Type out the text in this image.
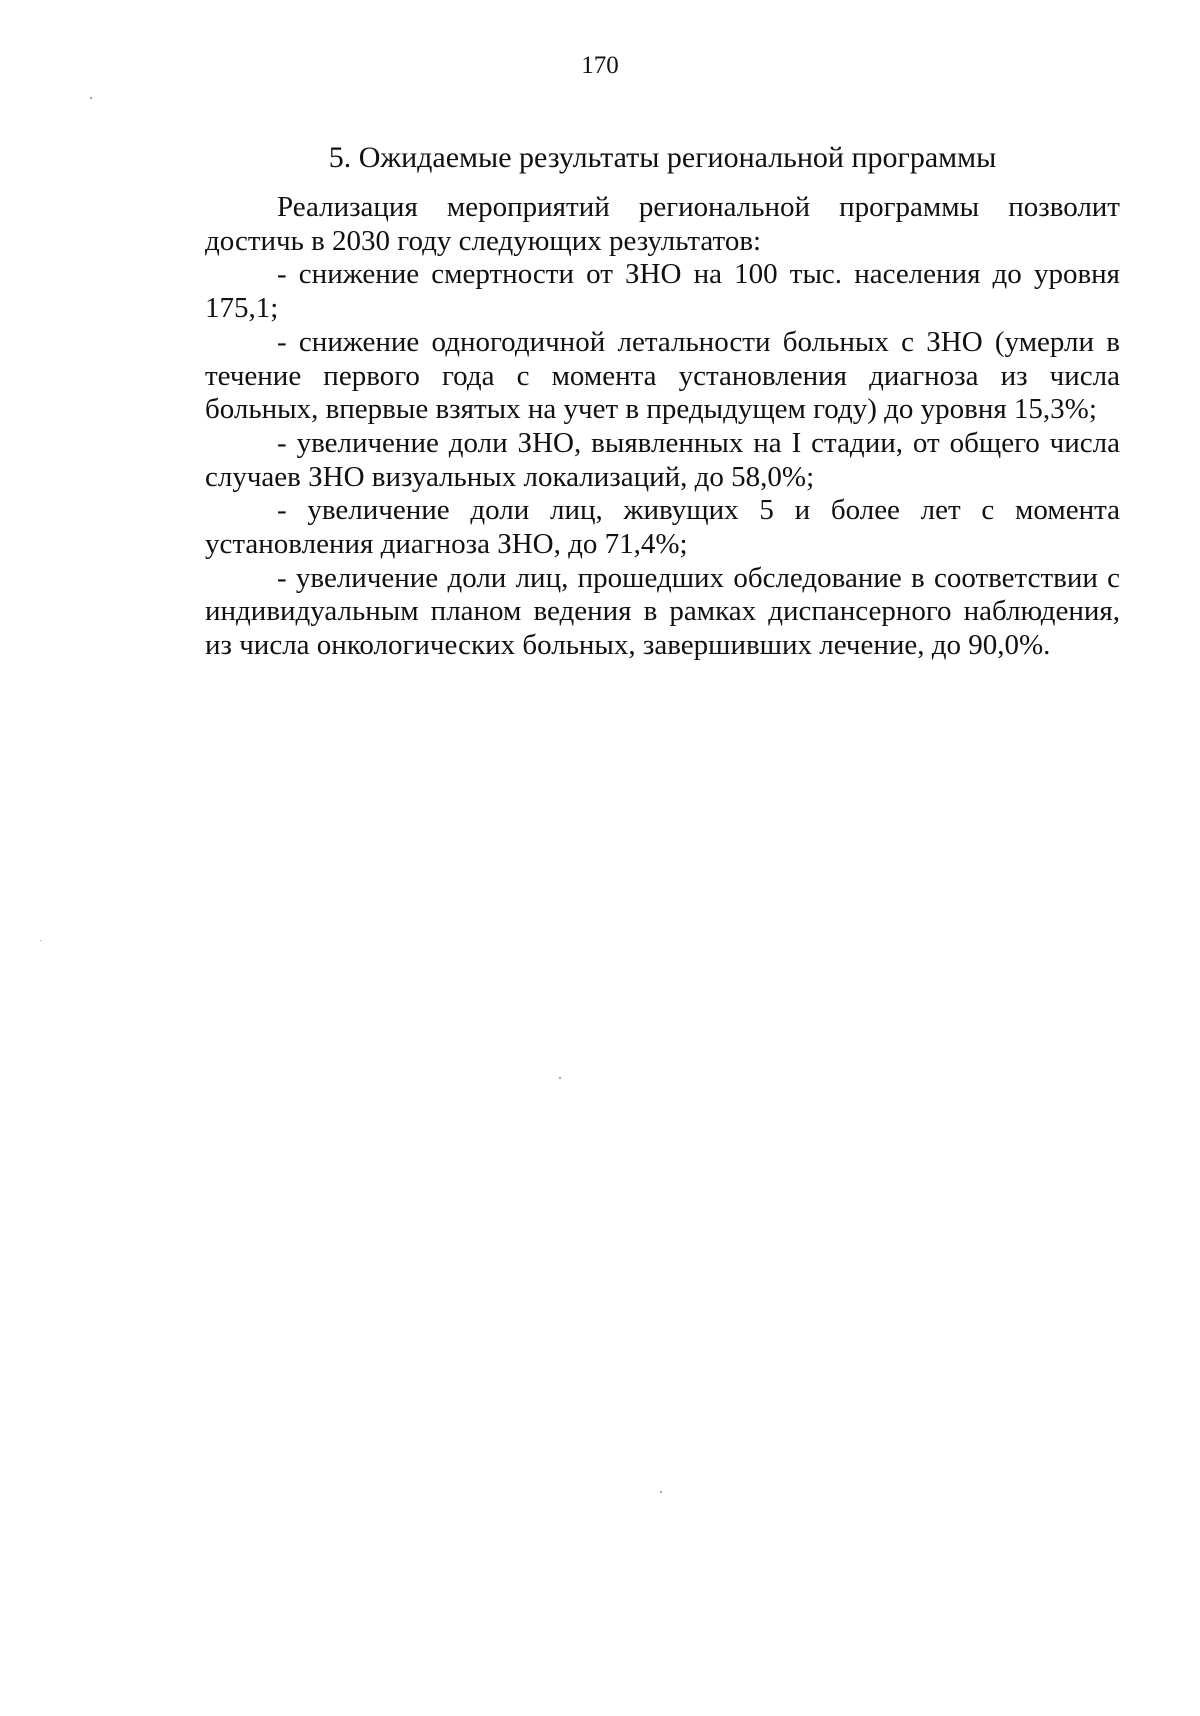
170
5. Ожидаемые результаты региональной программы

Реализация мероприятий региональной программы позволит достичь в 2030 году следующих результатов:

- снижение смертности от ЗНО на 100 тыс. населения до уровня 175,1;

- снижение одногодичной летальности больных с ЗНО (умерли в течение первого года с момента установления диагноза из числа больных, впервые взятых на учет в предыдущем году) до уровня 15,3%;

- увеличение доли ЗНО, выявленных на I стадии, от общего числа случаев ЗНО визуальных локализаций, до 58,0%;

- увеличение доли лиц, живущих 5 и более лет с момента установления диагноза ЗНО, до 71,4%;

- увеличение доли лиц, прошедших обследование в соответствии с индивидуальным планом ведения в рамках диспансерного наблюдения, из числа онкологических больных, завершивших лечение, до 90,0%.
